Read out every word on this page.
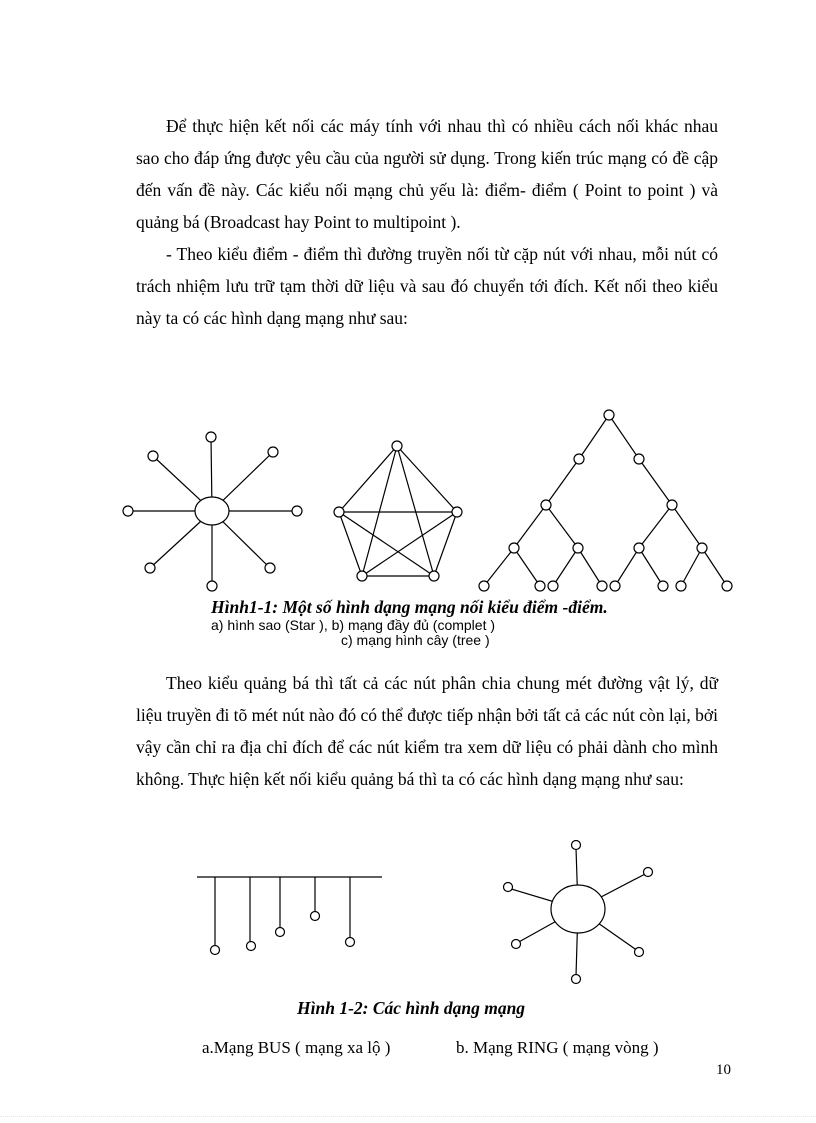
Để thực hiện kết nối các máy tính với nhau thì có nhiều cách nối khác nhau sao cho đáp ứng được yêu cầu của người sử dụng. Trong kiến trúc mạng có đề cập đến vấn đề này. Các kiểu nối mạng chủ yếu là: điểm- điểm ( Point to point ) và quảng bá (Broadcast hay Point to multipoint ).

- Theo kiểu điểm - điểm thì đường truyền nối từ cặp nút với nhau, mỗi nút có trách nhiệm lưu trữ tạm thời dữ liệu và sau đó chuyển tới đích. Kết nối theo kiểu này ta có các hình dạng mạng như sau:

Hình1-1: Một số hình dạng mạng nối kiểu điểm -điểm.
a) hình sao (Star ), b) mạng đầy đủ (complet )
c) mạng hình cây (tree )

Theo kiểu quảng bá thì tất cả các nút phân chia chung mét đường vật lý, dữ liệu truyền đi tõ mét nút nào đó có thể được tiếp nhận bởi tất cả các nút còn lại, bởi vậy cần chỉ ra địa chỉ đích để các nút kiểm tra xem dữ liệu có phải dành cho mình không. Thực hiện kết nối kiểu quảng bá thì ta có các hình dạng mạng như sau:

Hình 1-2: Các hình dạng mạng
a.Mạng BUS ( mạng xa lộ )	b. Mạng RING ( mạng vòng )
10
